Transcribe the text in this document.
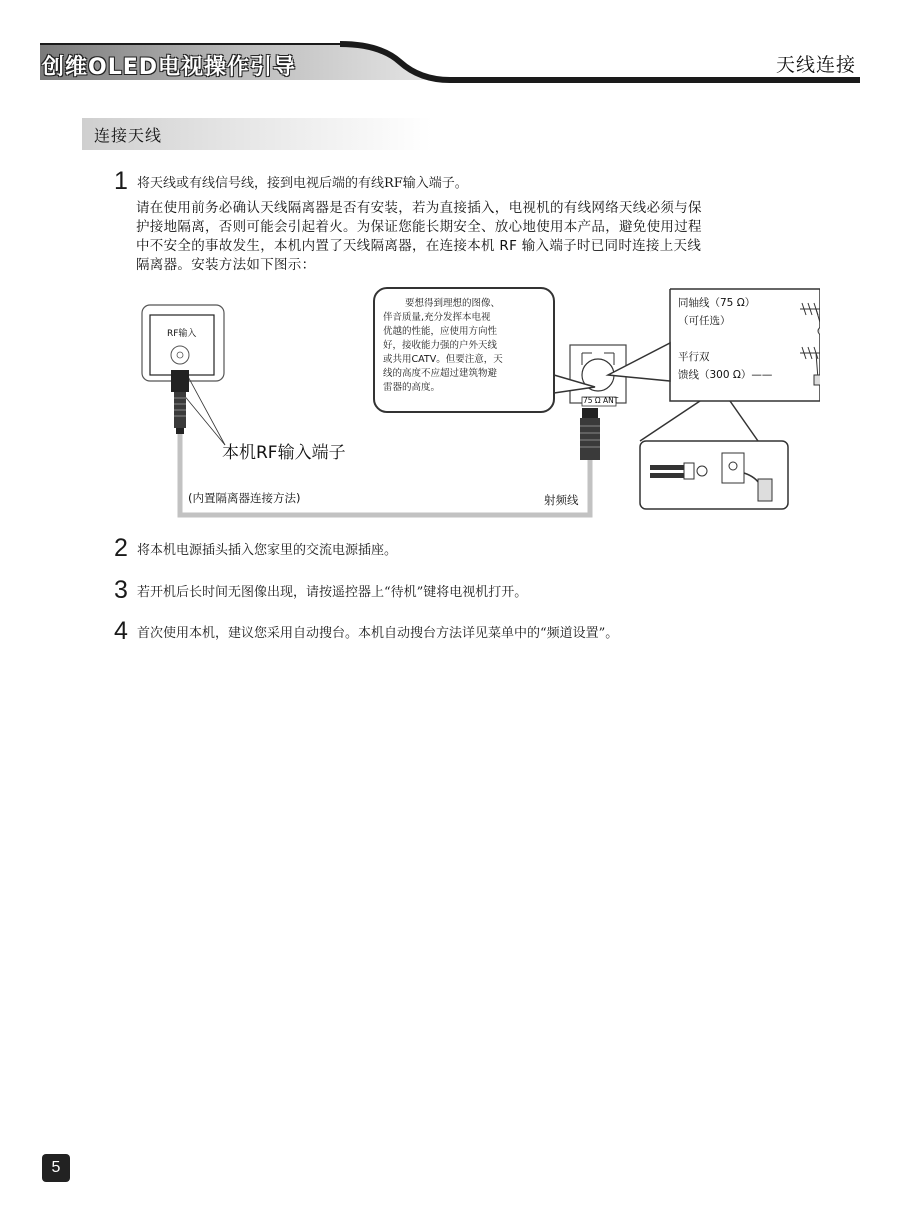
创维OLED电视操作引导	天线连接
连接天线
1 将天线或有线信号线，接到电视后端的有线RF输入端子。
请在使用前务必确认天线隔离器是否有安装，若为直接插入，电视机的有线网络天线必须与保
护接地隔离，否则可能会引起着火。为保证您能长期安全、放心地使用本产品，避免使用过程
中不安全的事故发生，本机内置了天线隔离器，在连接本机 RF 输入端子时已同时连接上天线
隔离器。安装方法如下图示：
RF输入
本机RF输入端子
(内置隔离器连接方法)	射频线
75 Ω ANT
同轴线（75 Ω）
（可任选）
平行双
馈线（300 Ω）——
要想得到理想的图像、
伴音质量,充分发挥本电视
优越的性能，应使用方向性
好，接收能力强的户外天线
或共用CATV。但要注意，天
线的高度不应超过建筑物避
雷器的高度。
2 将本机电源插头插入您家里的交流电源插座。
3 若开机后长时间无图像出现，请按遥控器上“待机”键将电视机打开。
4 首次使用本机，建议您采用自动搜台。本机自动搜台方法详见菜单中的“频道设置”。
5
